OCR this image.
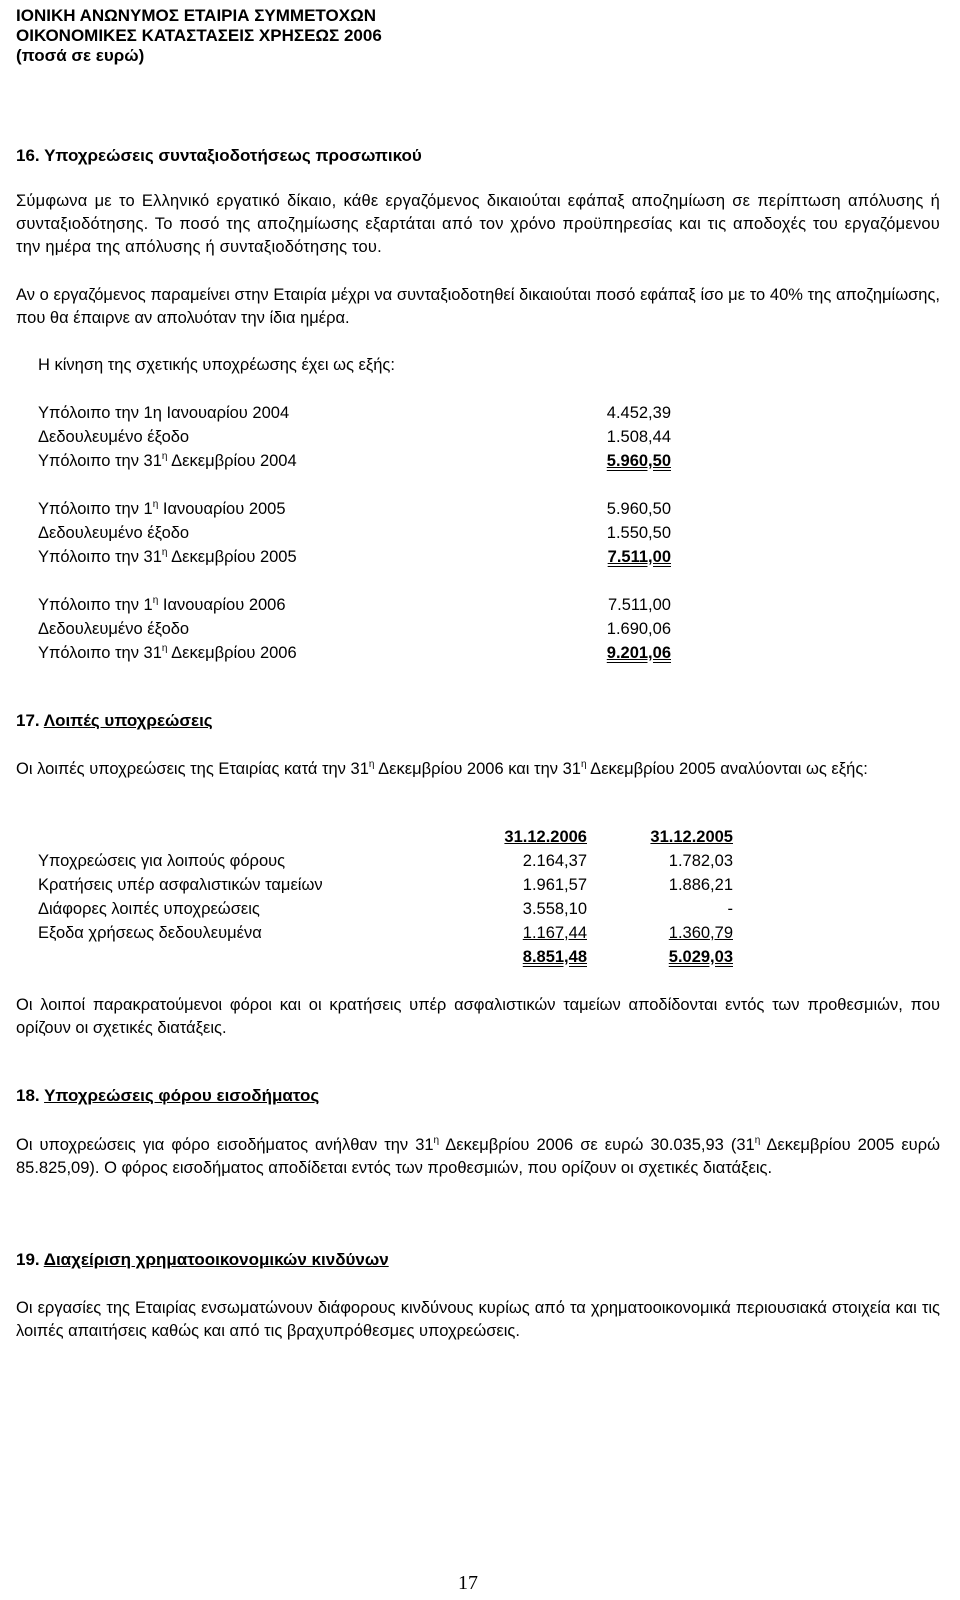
ΙΟΝΙΚΗ ΑΝΩΝΥΜΟΣ ΕΤΑΙΡΙΑ ΣΥΜΜΕΤΟΧΩΝ
ΟΙΚΟΝΟΜΙΚΕΣ ΚΑΤΑΣΤΑΣΕΙΣ ΧΡΗΣΕΩΣ 2006
(ποσά σε ευρώ)
16. Υποχρεώσεις συνταξιοδοτήσεως προσωπικού
Σύμφωνα με το Ελληνικό εργατικό δίκαιο, κάθε εργαζόμενος δικαιούται εφάπαξ αποζημίωση σε περίπτωση απόλυσης ή συνταξιοδότησης. Το ποσό της αποζημίωσης εξαρτάται από τον χρόνο προϋπηρεσίας και τις αποδοχές του εργαζόμενου την ημέρα της απόλυσης ή συνταξιοδότησης του.
Αν ο εργαζόμενος παραμείνει στην Εταιρία μέχρι να συνταξιοδοτηθεί δικαιούται ποσό εφάπαξ ίσο με το 40% της αποζημίωσης, που θα έπαιρνε αν απολυόταν την ίδια ημέρα.
Η κίνηση της σχετικής υποχρέωσης έχει ως εξής:
Υπόλοιπο την 1η Ιανουαρίου 2004	4.452,39
Δεδουλευμένο έξοδο	1.508,44
Υπόλοιπο την $31^\eta$ Δεκεμβρίου 2004	5.960,50
Υπόλοιπο την $1^\eta$ Ιανουαρίου 2005	5.960,50
Δεδουλευμένο έξοδο	1.550,50
Υπόλοιπο την $31^\eta$ Δεκεμβρίου 2005	7.511,00
Υπόλοιπο την $1^\eta$ Ιανουαρίου 2006	7.511,00
Δεδουλευμένο έξοδο	1.690,06
Υπόλοιπο την $31^\eta$ Δεκεμβρίου 2006	9.201,06
17. Λοιπές υποχρεώσεις
Οι λοιπές υποχρεώσεις της Εταιρίας κατά την $31^\eta$ Δεκεμβρίου 2006 και την $31^\eta$ Δεκεμβρίου 2005 αναλύονται ως εξής:
31.12.2006	31.12.2005
Υποχρεώσεις για λοιπούς φόρους	2.164,37	1.782,03
Κρατήσεις υπέρ ασφαλιστικών ταμείων	1.961,57	1.886,21
Διάφορες λοιπές υποχρεώσεις	3.558,10	-
Εξοδα χρήσεως δεδουλευμένα	1.167,44	1.360,79
8.851,48	5.029,03
Οι λοιποί παρακρατούμενοι φόροι και οι κρατήσεις υπέρ ασφαλιστικών ταμείων αποδίδονται εντός των προθεσμιών, που ορίζουν οι σχετικές διατάξεις.
18. Υποχρεώσεις φόρου εισοδήματος
Οι υποχρεώσεις για φόρο εισοδήματος ανήλθαν την $31^\eta$ Δεκεμβρίου 2006 σε ευρώ 30.035,93 ($31^\eta$ Δεκεμβρίου 2005 ευρώ 85.825,09). Ο φόρος εισοδήματος αποδίδεται εντός των προθεσμιών, που ορίζουν οι σχετικές διατάξεις.
19. Διαχείριση χρηματοοικονομικών κινδύνων
Οι εργασίες της Εταιρίας ενσωματώνουν διάφορους κινδύνους κυρίως από τα χρηματοοικονομικά περιουσιακά στοιχεία και τις λοιπές απαιτήσεις καθώς και από τις βραχυπρόθεσμες υποχρεώσεις.
17
